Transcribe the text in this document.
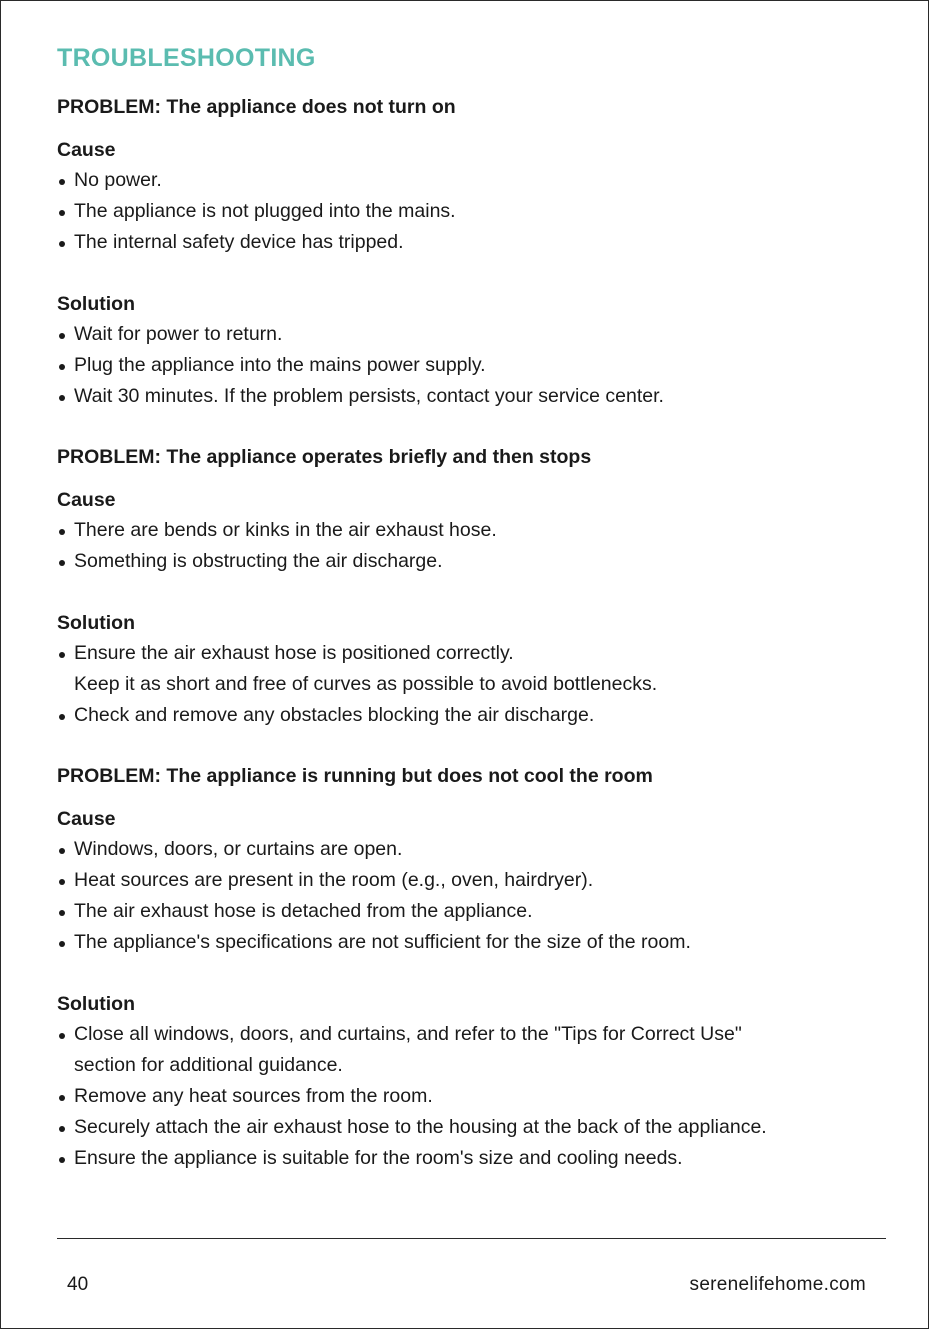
TROUBLESHOOTING
PROBLEM: The appliance does not turn on
Cause
No power.
The appliance is not plugged into the mains.
The internal safety device has tripped.
Solution
Wait for power to return.
Plug the appliance into the mains power supply.
Wait 30 minutes. If the problem persists, contact your service center.
PROBLEM: The appliance operates briefly and then stops
Cause
There are bends or kinks in the air exhaust hose.
Something is obstructing the air discharge.
Solution
Ensure the air exhaust hose is positioned correctly.
Keep it as short and free of curves as possible to avoid bottlenecks.
Check and remove any obstacles blocking the air discharge.
PROBLEM: The appliance is running but does not cool the room
Cause
Windows, doors, or curtains are open.
Heat sources are present in the room (e.g., oven, hairdryer).
The air exhaust hose is detached from the appliance.
The appliance's specifications are not sufficient for the size of the room.
Solution
Close all windows, doors, and curtains, and refer to the "Tips for Correct Use"
section for additional guidance.
Remove any heat sources from the room.
Securely attach the air exhaust hose to the housing at the back of the appliance.
Ensure the appliance is suitable for the room's size and cooling needs.
40	serenelifehome.com
